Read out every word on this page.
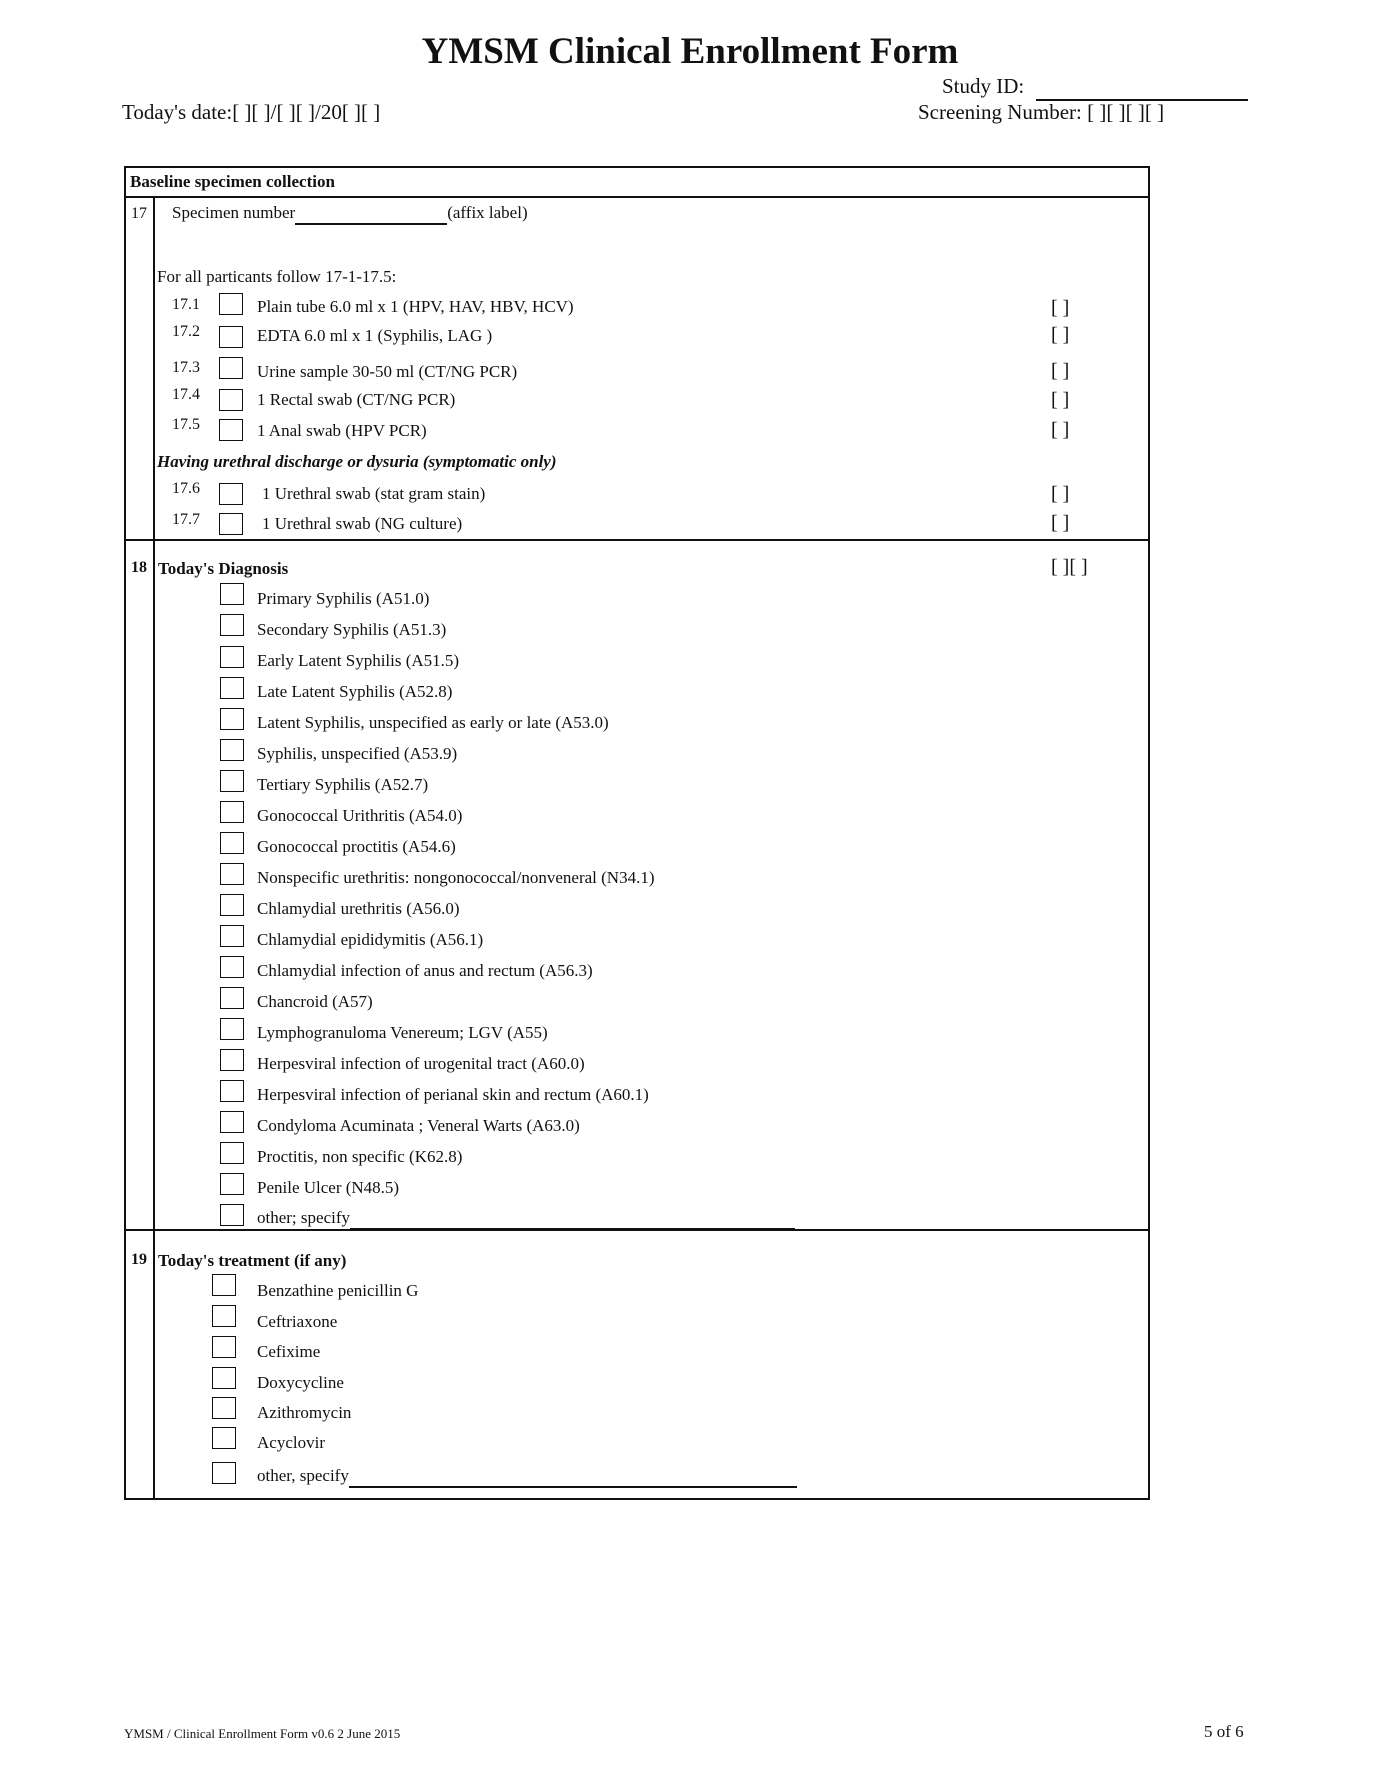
YMSM Clinical Enrollment Form
Today's date:[ ][ ]/[ ][ ]/20[ ][ ]
Study ID:
Screening Number: [ ][ ][ ][ ]
Baseline specimen collection
17 Specimen number	(affix label)
For all particants follow 17-1-17.5:
17.1	Plain tube 6.0 ml x 1 (HPV, HAV, HBV, HCV)	[ ]
17.2	EDTA 6.0 ml x 1 (Syphilis, LAG )	[ ]
17.3	Urine sample 30-50 ml (CT/NG PCR)	[ ]
17.4	1 Rectal swab (CT/NG PCR)	[ ]
17.5	1 Anal swab (HPV PCR)	[ ]
Having urethral discharge or dysuria (symptomatic only)
17.6	1 Urethral swab (stat gram stain)	[ ]
17.7	1 Urethral swab (NG culture)	[ ]
18 Today's Diagnosis	[ ][ ]
Primary Syphilis (A51.0)
Secondary Syphilis (A51.3)
Early Latent Syphilis (A51.5)
Late Latent Syphilis (A52.8)
Latent Syphilis, unspecified as early or late (A53.0)
Syphilis, unspecified (A53.9)
Tertiary Syphilis (A52.7)
Gonococcal Urithritis (A54.0)
Gonococcal proctitis (A54.6)
Nonspecific urethritis: nongonococcal/nonveneral (N34.1)
Chlamydial urethritis (A56.0)
Chlamydial epididymitis (A56.1)
Chlamydial infection of anus and rectum (A56.3)
Chancroid (A57)
Lymphogranuloma Venereum; LGV (A55)
Herpesviral infection of urogenital tract (A60.0)
Herpesviral infection of perianal skin and rectum (A60.1)
Condyloma Acuminata ; Veneral Warts (A63.0)
Proctitis, non specific (K62.8)
Penile Ulcer (N48.5)
other; specify
19 Today's treatment (if any)
Benzathine penicillin G
Ceftriaxone
Cefixime
Doxycycline
Azithromycin
Acyclovir
other, specify
YMSM / Clinical Enrollment Form v0.6 2 June 2015	5 of 6
